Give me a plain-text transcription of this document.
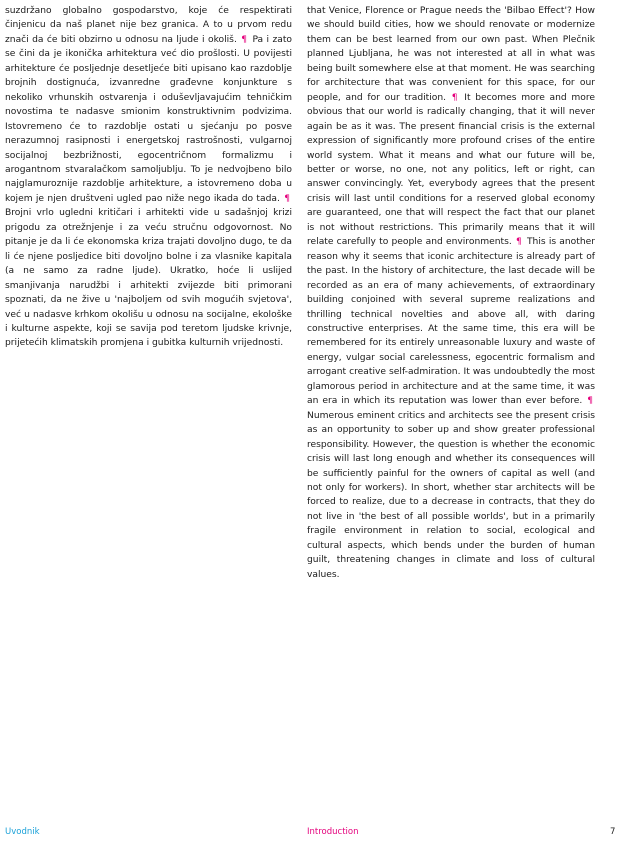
suzdržano globalno gospodarstvo, koje će respektirati činjenicu da naš planet nije bez granica. A to u prvom redu znači da će biti obzirno u odnosu na ljude i okoliš. ¶ Pa i zato se čini da je ikonička arhitektura već dio prošlosti. U povijesti arhitekture će posljednje desetljeće biti upisano kao razdoblje brojnih dostignuća, izvanredne građevne konjunkture s nekoliko vrhunskih ostvarenja i oduševljavajućim tehničkim novostima te nadasve smionim konstruktivnim podvizima. Istovremeno će to razdoblje ostati u sjećanju po posve nerazumnoj rasipnosti i energetskoj rastrošnosti, vulgarnoj socijalnoj bezbrižnosti, egocentričnom formalizmu i arogantnom stvaralačkom samoljublju. To je nedvojbeno bilo najglamuroznije razdoblje arhitekture, a istovremeno doba u kojem je njen društveni ugled pao niže nego ikada do tada. ¶

Brojni vrlo ugledni kritičari i arhitekti vide u sadašnjoj krizi prigodu za otrežnjenje i za veću stručnu odgovornost. No pitanje je da li će ekonomska kriza trajati dovoljno dugo, te da li će njene posljedice biti dovoljno bolne i za vlasnike kapitala (a ne samo za radne ljude). Ukratko, hoće li uslijed smanjivanja narudžbi i arhitekti zvijezde biti primorani spoznati, da ne žive u 'najboljem od svih mogućih svjetova', već u nadasve krhkom okolišu u odnosu na socijalne, ekološke i kulturne aspekte, koji se savija pod teretom ljudske krivnje, prijetećih klimatskih promjena i gubitka kulturnih vrijednosti.

that Venice, Florence or Prague needs the 'Bilbao Effect'? How we should build cities, how we should renovate or modernize them can be best learned from our own past. When Plečnik planned Ljubljana, he was not interested at all in what was being built somewhere else at that moment. He was searching for architecture that was convenient for this space, for our people, and for our tradition. ¶ It becomes more and more obvious that our world is radically changing, that it will never again be as it was. The present financial crisis is the external expression of significantly more profound crises of the entire world system. What it means and what our future will be, better or worse, no one, not any politics, left or right, can answer convincingly. Yet, everybody agrees that the present crisis will last until conditions for a reserved global economy are guaranteed, one that will respect the fact that our planet is not without restrictions. This primarily means that it will relate carefully to people and environments. ¶ This is another reason why it seems that iconic architecture is already part of the past. In the history of architecture, the last decade will be recorded as an era of many achievements, of extraordinary building conjoined with several supreme realizations and thrilling technical novelties and above all, with daring constructive enterprises. At the same time, this era will be remembered for its entirely unreasonable luxury and waste of energy, vulgar social carelessness, egocentric formalism and arrogant creative self-admiration. It was undoubtedly the most glamorous period in architecture and at the same time, it was an era in which its reputation was lower than ever before. ¶

Numerous eminent critics and architects see the present crisis as an opportunity to sober up and show greater professional responsibility. However, the question is whether the economic crisis will last long enough and whether its consequences will be sufficiently painful for the owners of capital as well (and not only for workers). In short, whether star architects will be forced to realize, due to a decrease in contracts, that they do not live in 'the best of all possible worlds', but in a primarily fragile environment in relation to social, ecological and cultural aspects, which bends under the burden of human guilt, threatening changes in climate and loss of cultural values.

Uvodnik	Introduction	7
